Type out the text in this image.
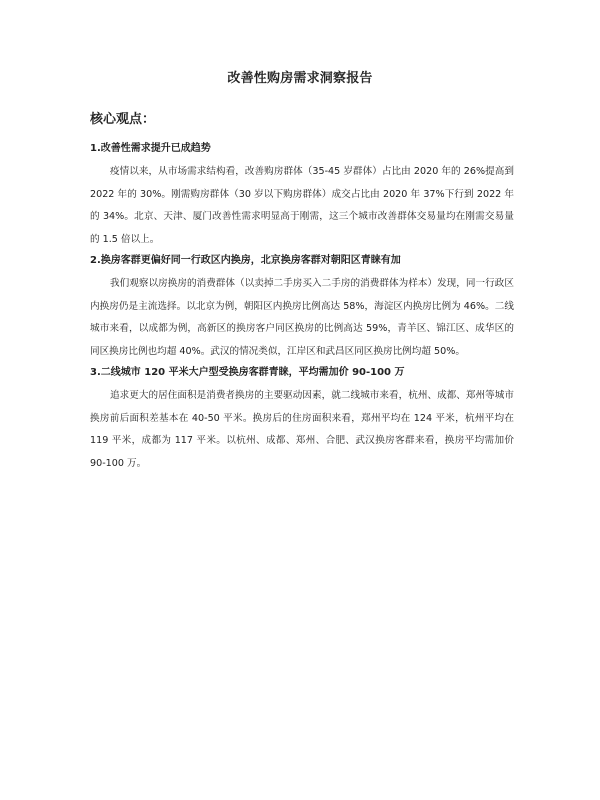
改善性购房需求洞察报告
核心观点：
1.改善性需求提升已成趋势

疫情以来，从市场需求结构看，改善购房群体（35-45 岁群体）占比由 2020 年的 26%提高到 2022 年的 30%。刚需购房群体（30 岁以下购房群体）成交占比由 2020 年 37%下行到 2022 年的 34%。北京、天津、厦门改善性需求明显高于刚需，这三个城市改善群体交易量均在刚需交易量的 1.5 倍以上。

2.换房客群更偏好同一行政区内换房，北京换房客群对朝阳区青睐有加

我们观察以房换房的消费群体（以卖掉二手房买入二手房的消费群体为样本）发现，同一行政区内换房仍是主流选择。以北京为例，朝阳区内换房比例高达 58%，海淀区内换房比例为 46%。二线城市来看，以成都为例，高新区的换房客户同区换房的比例高达 59%，青羊区、锦江区、成华区的同区换房比例也均超 40%。武汉的情况类似，江岸区和武昌区同区换房比例均超 50%。

3.二线城市 120 平米大户型受换房客群青睐，平均需加价 90-100 万

追求更大的居住面积是消费者换房的主要驱动因素，就二线城市来看，杭州、成都、郑州等城市换房前后面积差基本在 40-50 平米。换房后的住房面积来看，郑州平均在 124 平米，杭州平均在 119 平米，成都为 117 平米。以杭州、成都、郑州、合肥、武汉换房客群来看，换房平均需加价 90-100 万。
